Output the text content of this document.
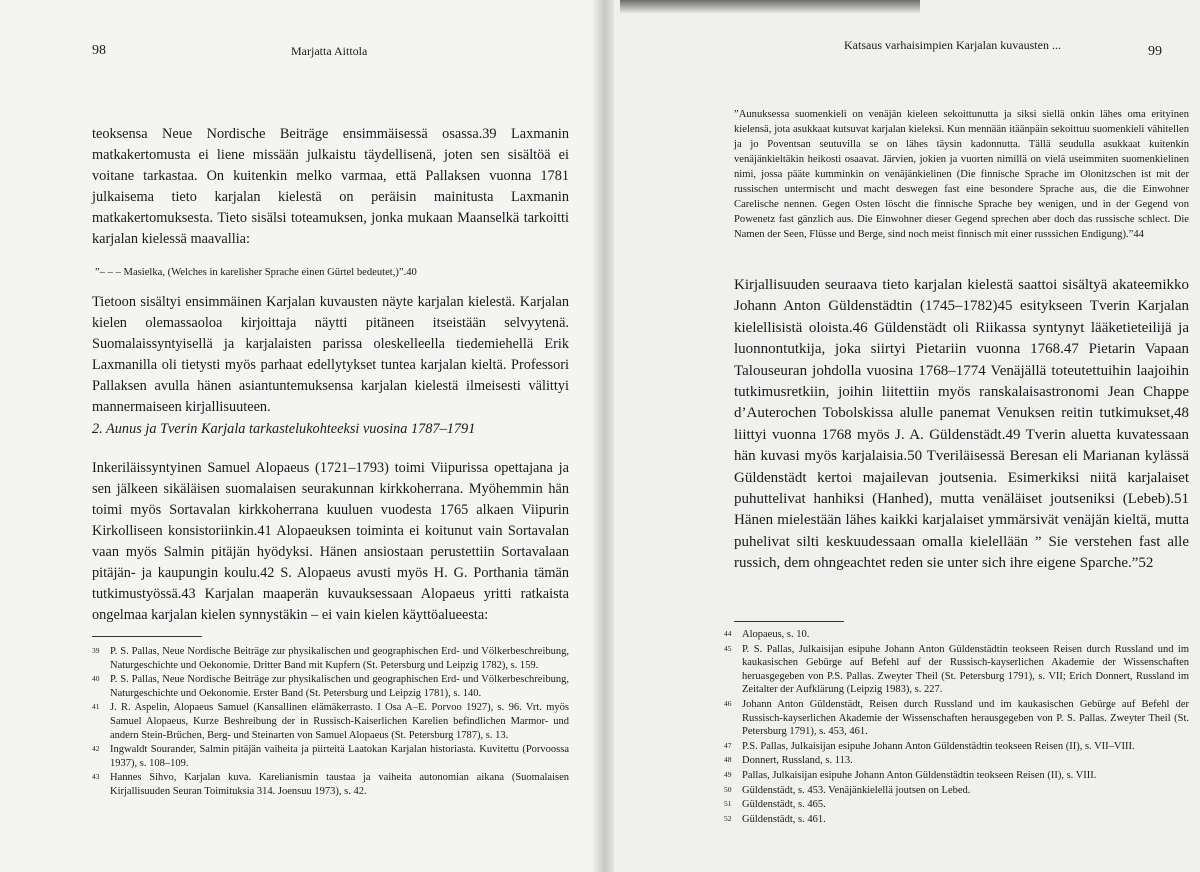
98	Marjatta Aittola

teoksensa Neue Nordische Beiträge ensimmäisessä osassa.39 Laxmanin matkakertomusta ei liene missään julkaistu täydellisenä, joten sen sisältöä ei voitane tarkastaa. On kuitenkin melko varmaa, että Pallaksen vuonna 1781 julkaisema tieto karjalan kielestä on peräisin mainitusta Laxmanin matkakertomuksesta. Tieto sisälsi toteamuksen, jonka mukaan Maanselkä tarkoitti karjalan kielessä maavallia:

”– – – Masielka, (Welches in karelisher Sprache einen Gürtel bedeutet,)”.40

Tietoon sisältyi ensimmäinen Karjalan kuvausten näyte karjalan kielestä. Karjalan kielen olemassaoloa kirjoittaja näytti pitäneen itseistään selvyytenä. Suomalaissyntyisellä ja karjalaisten parissa oleskelleella tiedemiehellä Erik Laxmanilla oli tietysti myös parhaat edellytykset tuntea karjalan kieltä. Professori Pallaksen avulla hänen asiantuntemuksensa karjalan kielestä ilmeisesti välittyi mannermaiseen kirjallisuuteen.

2. Aunus ja Tverin Karjala tarkastelukohteeksi vuosina 1787–1791

Inkeriläissyntyinen Samuel Alopaeus (1721–1793) toimi Viipurissa opettajana ja sen jälkeen sikäläisen suomalaisen seurakunnan kirkkoherrana. Myöhemmin hän toimi myös Sortavalan kirkkoherrana kuuluen vuodesta 1765 alkaen Viipurin Kirkolliseen konsistoriinkin.41 Alopaeuksen toiminta ei koitunut vain Sortavalan vaan myös Salmin pitäjän hyödyksi. Hänen ansiostaan perustettiin Sortavalaan pitäjän- ja kaupungin koulu.42 S. Alopaeus avusti myös H. G. Porthania tämän tutkimustyössä.43 Karjalan maaperän kuvauksessaan Alopaeus yritti ratkaista ongelmaa karjalan kielen synnystäkin – ei vain kielen käyttöalueesta:

39 P. S. Pallas, Neue Nordische Beiträge zur physikalischen und geographischen Erd- und Völkerbeschreibung, Naturgeschichte und Oekonomie. Dritter Band mit Kupfern (St. Petersburg und Leipzig 1782), s. 159.
40 P. S. Pallas, Neue Nordische Beiträge zur physikalischen und geographischen Erd- und Völkerbeschreibung, Naturgeschichte und Oekonomie. Erster Band (St. Petersburg und Leipzig 1781), s. 140.
41 J. R. Aspelin, Alopaeus Samuel (Kansallinen elämäkerrasto. I Osa A–E. Porvoo 1927), s. 96. Vrt. myös Samuel Alopaeus, Kurze Beshreibung der in Russisch-Kaiserlichen Karelien befindlichen Marmor- und andern Stein-Brüchen, Berg- und Steinarten von Samuel Alopaeus (St. Petersburg 1787), s. 13.
42 Ingwaldt Sourander, Salmin pitäjän vaiheita ja piirteitä Laatokan Karjalan historiasta. Kuvitettu (Porvoossa 1937), s. 108–109.
43 Hannes Sihvo, Karjalan kuva. Karelianismin taustaa ja vaiheita autonomian aikana (Suomalaisen Kirjallisuuden Seuran Toimituksia 314. Joensuu 1973), s. 42.
Katsaus varhaisimpien Karjalan kuvausten ...	99

”Aunuksessa suomenkieli on venäjän kieleen sekoittunutta ja siksi siellä onkin lähes oma erityinen kielensä, jota asukkaat kutsuvat karjalan kieleksi. Kun mennään itäänpäin sekoittuu suomenkieli vähitellen ja jo Poventsan seutuvilla se on lähes täysin kadonnutta. Tällä seudulla asukkaat kuitenkin venäjänkieltäkin heikosti osaavat. Järvien, jokien ja vuorten nimillä on vielä useimmiten suomenkielinen nimi, jossa pääte kumminkin on venäjänkielinen (Die finnische Sprache im Olonitzschen ist mit der russischen untermischt und macht deswegen fast eine besondere Sprache aus, die die Einwohner Carelische nennen. Gegen Osten löscht die finnische Sprache bey wenigen, und in der Gegend von Powenetz fast gänzlich aus. Die Einwohner dieser Gegend sprechen aber doch das russische schlect. Die Namen der Seen, Flüsse und Berge, sind noch meist finnisch mit einer russsichen Endigung).”44

Kirjallisuuden seuraava tieto karjalan kielestä saattoi sisältyä akateemikko Johann Anton Güldenstädtin (1745–1782)45 esitykseen Tverin Karjalan kielellisistä oloista.46 Güldenstädt oli Riikassa syntynyt lääketieteilijä ja luonnontutkija, joka siirtyi Pietariin vuonna 1768.47 Pietarin Vapaan Talouseuran johdolla vuosina 1768–1774 Venäjällä toteutettuihin laajoihin tutkimusretkiin, joihin liitettiin myös ranskalaisastronomi Jean Chappe d’Auterochen Tobolskissa alulle panemat Venuksen reitin tutkimukset,48 liittyi vuonna 1768 myös J. A. Güldenstädt.49 Tverin aluetta kuvatessaan hän kuvasi myös karjalaisia.50 Tveriläisessä Beresan eli Marianan kylässä Güldenstädt kertoi majailevan joutsenia. Esimerkiksi niitä karjalaiset puhuttelivat hanhiksi (Hanhed), mutta venäläiset joutseniksi (Lebeb).51 Hänen mielestään lähes kaikki karjalaiset ymmärsivät venäjän kieltä, mutta puhelivat silti keskuudessaan omalla kielellään ” Sie verstehen fast alle russich, dem ohngeachtet reden sie unter sich ihre eigene Sparche.”52

44 Alopaeus, s. 10.
45 P. S. Pallas, Julkaisijan esipuhe Johann Anton Güldenstädtin teokseen Reisen durch Russland und im kaukasischen Gebürge auf Befehl auf der Russisch-kayserlichen Akademie der Wissenschaften heruasgegeben von P.S. Pallas. Zweyter Theil (St. Petersburg 1791), s. VII; Erich Donnert, Russland im Zeitalter der Aufklärung (Leipzig 1983), s. 227.
46 Johann Anton Güldenstädt, Reisen durch Russland und im kaukasischen Gebürge auf Befehl der Russisch-kayserlichen Akademie der Wissenschaften herausgegeben von P. S. Pallas. Zweyter Theil (St. Petersburg 1791), s. 453, 461.
47 P.S. Pallas, Julkaisijan esipuhe Johann Anton Güldenstädtin teokseen Reisen (II), s. VII–VIII.
48 Donnert, Russland, s. 113.
49 Pallas, Julkaisijan esipuhe Johann Anton Güldenstädtin teokseen Reisen (II), s. VIII.
50 Güldenstädt, s. 453. Venäjänkielellä joutsen on Lebed.
51 Güldenstädt, s. 465.
52 Güldenstädt, s. 461.
